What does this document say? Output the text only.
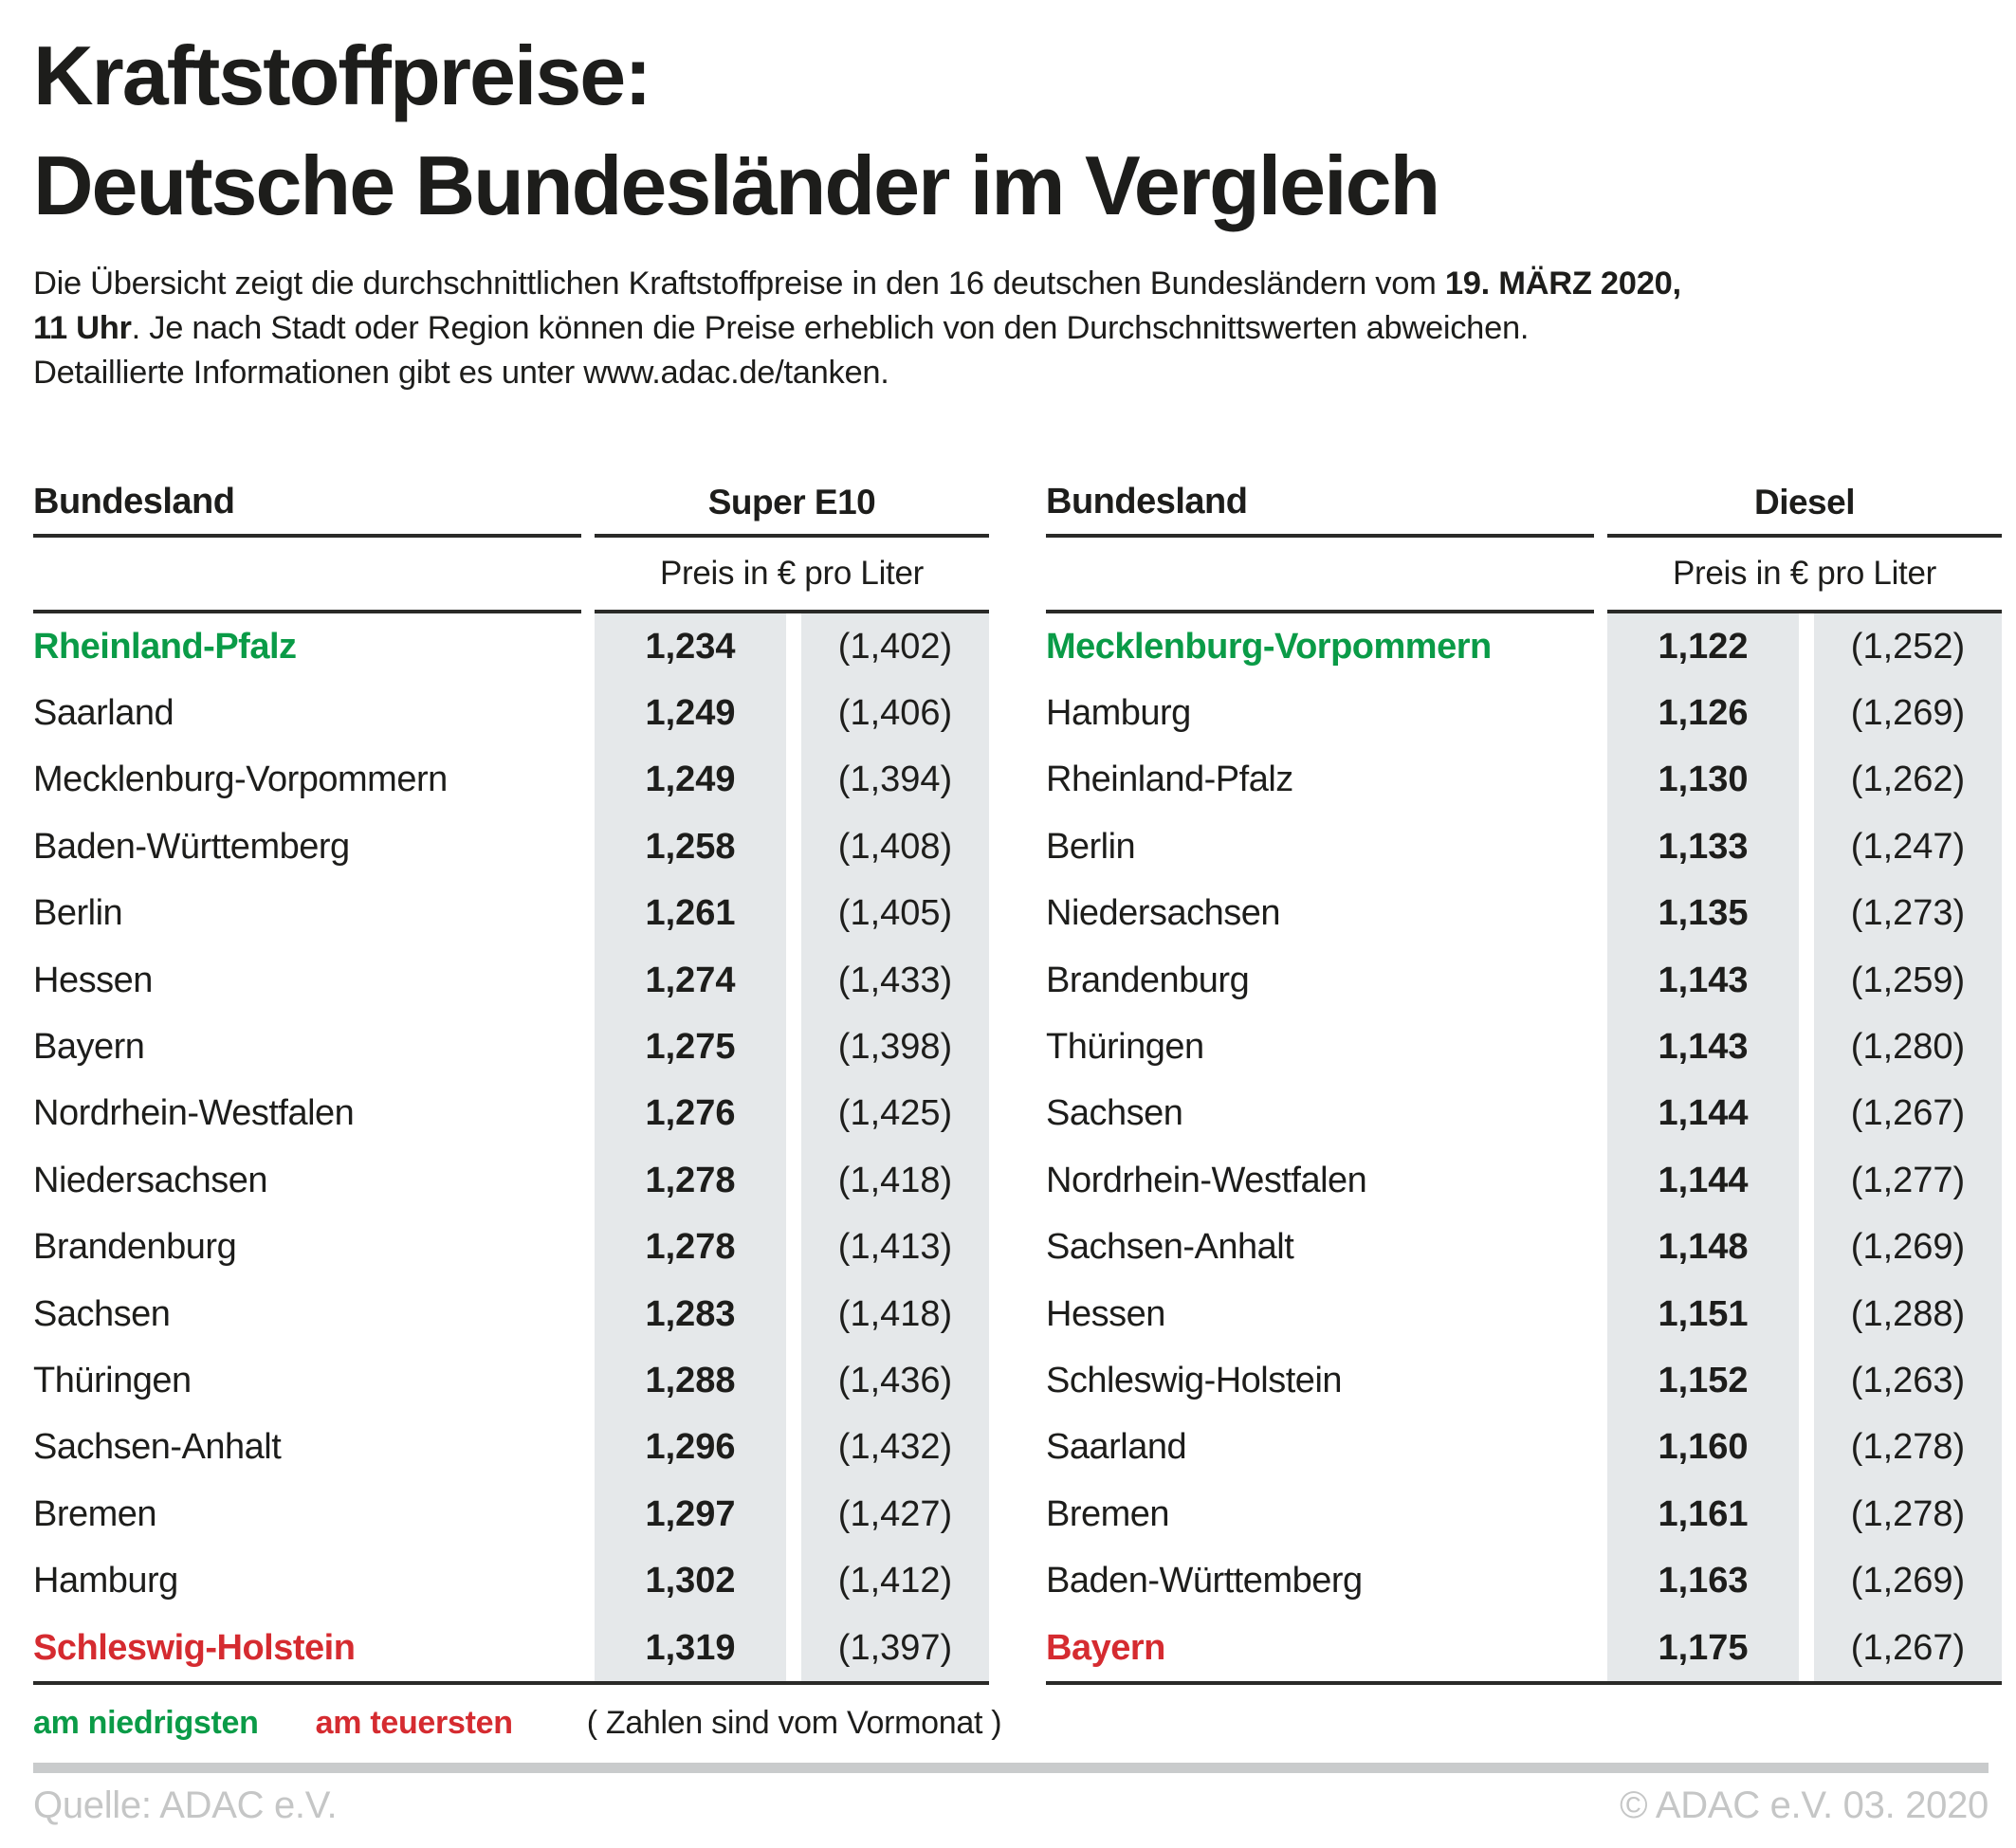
Kraftstoffpreise:
Deutsche Bundesländer im Vergleich

Die Übersicht zeigt die durchschnittlichen Kraftstoffpreise in den 16 deutschen Bundesländern vom 19. MÄRZ 2020,
11 Uhr. Je nach Stadt oder Region können die Preise erheblich von den Durchschnittswerten abweichen.
Detaillierte Informationen gibt es unter www.adac.de/tanken.

Bundesland	Super E10
Preis in € pro Liter
Rheinland-Pfalz	1,234	(1,402)
Saarland	1,249	(1,406)
Mecklenburg-Vorpommern	1,249	(1,394)
Baden-Württemberg	1,258	(1,408)
Berlin	1,261	(1,405)
Hessen	1,274	(1,433)
Bayern	1,275	(1,398)
Nordrhein-Westfalen	1,276	(1,425)
Niedersachsen	1,278	(1,418)
Brandenburg	1,278	(1,413)
Sachsen	1,283	(1,418)
Thüringen	1,288	(1,436)
Sachsen-Anhalt	1,296	(1,432)
Bremen	1,297	(1,427)
Hamburg	1,302	(1,412)
Schleswig-Holstein	1,319	(1,397)
Bundesland	Diesel
Preis in € pro Liter
Mecklenburg-Vorpommern	1,122	(1,252)
Hamburg	1,126	(1,269)
Rheinland-Pfalz	1,130	(1,262)
Berlin	1,133	(1,247)
Niedersachsen	1,135	(1,273)
Brandenburg	1,143	(1,259)
Thüringen	1,143	(1,280)
Sachsen	1,144	(1,267)
Nordrhein-Westfalen	1,144	(1,277)
Sachsen-Anhalt	1,148	(1,269)
Hessen	1,151	(1,288)
Schleswig-Holstein	1,152	(1,263)
Saarland	1,160	(1,278)
Bremen	1,161	(1,278)
Baden-Württemberg	1,163	(1,269)
Bayern	1,175	(1,267)
am niedrigsten am teuersten ( Zahlen sind vom Vormonat )
Quelle: ADAC e.V.	© ADAC e.V. 03. 2020
